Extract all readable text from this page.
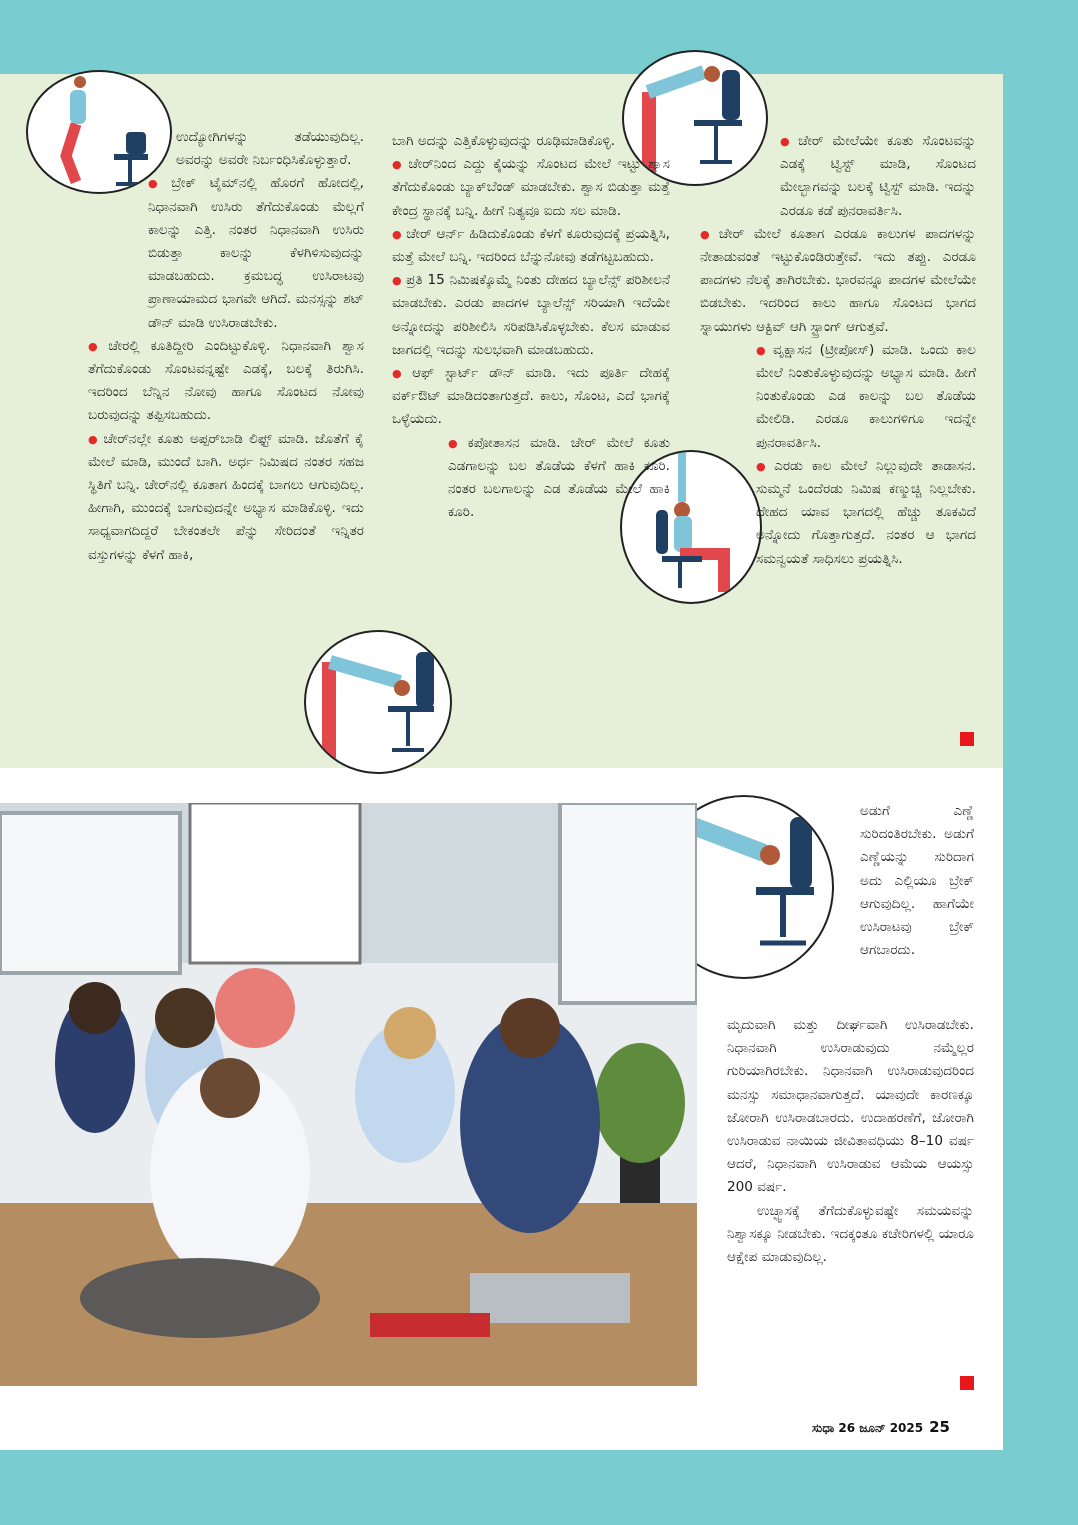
ಉದ್ಯೋಗಿಗಳನ್ನು ತಡೆಯುವುದಿಲ್ಲ. ಅವರನ್ನು ಅವರೇ ನಿರ್ಬಂಧಿಸಿಕೊಳ್ಳುತ್ತಾರೆ.

● ಬ್ರೇಕ್ ಟೈಮ್‌ನಲ್ಲಿ ಹೊರಗೆ ಹೋದಲ್ಲಿ, ನಿಧಾನವಾಗಿ ಉಸಿರು ತೆಗೆದುಕೊಂಡು ಮೆಲ್ಲಗೆ ಕಾಲನ್ನು ಎತ್ತಿ. ನಂತರ ನಿಧಾನವಾಗಿ ಉಸಿರು ಬಿಡುತ್ತಾ ಕಾಲನ್ನು ಕೆಳಗಿಳಿಸುವುದನ್ನು ಮಾಡಬಹುದು. ಕ್ರಮಬದ್ಧ ಉಸಿರಾಟವು ಪ್ರಾಣಾಯಾಮದ ಭಾಗವೇ ಆಗಿದೆ. ಮನಸ್ಸನ್ನು ಶಟ್ ಡೌನ್ ಮಾಡಿ ಉಸಿರಾಡಬೇಕು.

● ಚೇರಲ್ಲಿ ಕೂತಿದ್ದೀರಿ ಎಂದಿಟ್ಟುಕೊಳ್ಳಿ. ನಿಧಾನವಾಗಿ ಶ್ವಾಸ ತೆಗೆದುಕೊಂಡು ಸೊಂಟವನ್ನಷ್ಟೇ ಎಡಕ್ಕೆ, ಬಲಕ್ಕೆ ತಿರುಗಿಸಿ. ಇದರಿಂದ ಬೆನ್ನಿನ ನೋವು ಹಾಗೂ ಸೊಂಟದ ನೋವು ಬರುವುದನ್ನು ತಪ್ಪಿಸಬಹುದು.

● ಚೇರ್‌ನಲ್ಲೇ ಕೂತು ಅಪ್ಪರ್‌ಬಾಡಿ ಲಿಫ್ಟ್ ಮಾಡಿ. ಜೊತೆಗೆ ಕೈ ಮೇಲೆ ಮಾಡಿ, ಮುಂದೆ ಬಾಗಿ. ಅರ್ಧ ನಿಮಿಷದ ನಂತರ ಸಹಜ ಸ್ಥಿತಿಗೆ ಬನ್ನಿ. ಚೇರ್‌ನಲ್ಲಿ ಕೂತಾಗ ಹಿಂದಕ್ಕೆ ಬಾಗಲು ಆಗುವುದಿಲ್ಲ. ಹೀಗಾಗಿ, ಮುಂದಕ್ಕೆ ಬಾಗುವುದನ್ನೇ ಅಭ್ಯಾಸ ಮಾಡಿಕೊಳ್ಳಿ. ಇದು ಸಾಧ್ಯವಾಗದಿದ್ದರೆ ಬೇಕಂತಲೇ ಪೆನ್ನು ಸೇರಿದಂತೆ ಇನ್ನಿತರ ವಸ್ತುಗಳನ್ನು ಕೆಳಗೆ ಹಾಕಿ,

ಬಾಗಿ ಅದನ್ನು ಎತ್ತಿಕೊಳ್ಳುವುದನ್ನು ರೂಢಿಮಾಡಿಕೊಳ್ಳಿ.

● ಚೇರ್‌ನಿಂದ ಎದ್ದು ಕೈಯನ್ನು ಸೊಂಟದ ಮೇಲೆ ಇಟ್ಟು ಶ್ವಾಸ ತೆಗೆದುಕೊಂಡು ಬ್ಯಾಕ್‌ಬೆಂಡ್ ಮಾಡಬೇಕು. ಶ್ವಾಸ ಬಿಡುತ್ತಾ ಮತ್ತೆ ಕೇಂದ್ರ ಸ್ಥಾನಕ್ಕೆ ಬನ್ನಿ. ಹೀಗೆ ನಿತ್ಯವೂ ಐದು ಸಲ ಮಾಡಿ.

● ಚೇರ್ ಆರ್ನ್ ಹಿಡಿದುಕೊಂಡು ಕೆಳಗೆ ಕೂರುವುದಕ್ಕೆ ಪ್ರಯತ್ನಿಸಿ, ಮತ್ತೆ ಮೇಲೆ ಬನ್ನಿ. ಇದರಿಂದ ಬೆನ್ನುನೋವು ತಡೆಗಟ್ಟಬಹುದು.

● ಪ್ರತಿ 15 ನಿಮಿಷಕ್ಕೊಮ್ಮೆ ನಿಂತು ದೇಹದ ಬ್ಯಾಲೆನ್ಸ್ ಪರಿಶೀಲನೆ ಮಾಡಬೇಕು. ಎರಡು ಪಾದಗಳ ಬ್ಯಾಲೆನ್ಸ್ ಸರಿಯಾಗಿ ಇದೆಯೇ ಅನ್ನೋದನ್ನು ಪರಿಶೀಲಿಸಿ ಸರಿಪಡಿಸಿಕೊಳ್ಳಬೇಕು. ಕೆಲಸ ಮಾಡುವ ಜಾಗದಲ್ಲಿ ಇದನ್ನು ಸುಲಭವಾಗಿ ಮಾಡಬಹುದು.

● ಆಫ್ ಸ್ಟಾರ್ಟ್ ಡೌನ್ ಮಾಡಿ. ಇದು ಪೂರ್ತಿ ದೇಹಕ್ಕೆ ವರ್ಕ್‌ಔಟ್ ಮಾಡಿದಂತಾಗುತ್ತದೆ. ಕಾಲು, ಸೊಂಟ, ಎದೆ ಭಾಗಕ್ಕೆ ಒಳ್ಳೆಯದು.

● ಕಪೋತಾಸನ ಮಾಡಿ. ಚೇರ್ ಮೇಲೆ ಕೂತು ಎಡಗಾಲನ್ನು ಬಲ ತೊಡೆಯ ಕೆಳಗೆ ಹಾಕಿ ಕೂರಿ. ನಂತರ ಬಲಗಾಲನ್ನು ಎಡ ತೊಡೆಯ ಮೇಲೆ ಹಾಕಿ ಕೂರಿ.

● ಚೇರ್ ಮೇಲೆಯೇ ಕೂತು ಸೊಂಟವನ್ನು ಎಡಕ್ಕೆ ಟ್ವಿಸ್ಟ್ ಮಾಡಿ, ಸೊಂಟದ ಮೇಲ್ಭಾಗವನ್ನು ಬಲಕ್ಕೆ ಟ್ವಿಸ್ಟ್ ಮಾಡಿ. ಇದನ್ನು ಎರಡೂ ಕಡೆ ಪುನರಾವರ್ತಿಸಿ.

● ಚೇರ್ ಮೇಲೆ ಕೂತಾಗ ಎರಡೂ ಕಾಲುಗಳ ಪಾದಗಳನ್ನು ನೇತಾಡುವಂತೆ ಇಟ್ಟುಕೊಂಡಿರುತ್ತೇವೆ. ಇದು ತಪ್ಪು. ಎರಡೂ ಪಾದಗಳು ನೆಲಕ್ಕೆ ತಾಗಿರಬೇಕು. ಭಾರವನ್ನೂ ಪಾದಗಳ ಮೇಲೆಯೇ ಬಿಡಬೇಕು. ಇದರಿಂದ ಕಾಲು ಹಾಗೂ ಸೊಂಟದ ಭಾಗದ ಸ್ನಾಯುಗಳು ಆಕ್ಟಿವ್ ಆಗಿ ಸ್ಟ್ರಾಂಗ್ ಆಗುತ್ತವೆ.

● ವೃಕ್ಷಾಸನ (ಟ್ರೀಪೋಸ್) ಮಾಡಿ. ಒಂದು ಕಾಲ ಮೇಲೆ ನಿಂತುಕೊಳ್ಳುವುದನ್ನು ಅಭ್ಯಾಸ ಮಾಡಿ. ಹೀಗೆ ನಿಂತುಕೊಂಡು ಎಡ ಕಾಲನ್ನು ಬಲ ತೊಡೆಯ ಮೇಲಿಡಿ. ಎರಡೂ ಕಾಲುಗಳಿಗೂ ಇದನ್ನೇ ಪುನರಾವರ್ತಿಸಿ.

● ಎರಡು ಕಾಲ ಮೇಲೆ ನಿಲ್ಲುವುದೇ ತಾಡಾಸನ. ಸುಮ್ಮನೆ ಒಂದೆರಡು ನಿಮಿಷ ಕಣ್ಮುಚ್ಚಿ ನಿಲ್ಲಬೇಕು. ದೇಹದ ಯಾವ ಭಾಗದಲ್ಲಿ ಹೆಚ್ಚು ತೂಕವಿದೆ ಅನ್ನೋದು ಗೊತ್ತಾಗುತ್ತದೆ. ನಂತರ ಆ ಭಾಗದ ಸಮನ್ವಯತೆ ಸಾಧಿಸಲು ಪ್ರಯತ್ನಿಸಿ.

ಅಡುಗೆ ಎಣ್ಣೆ ಸುರಿದಂತಿರಬೇಕು. ಅಡುಗೆ ಎಣ್ಣೆಯನ್ನು ಸುರಿದಾಗ ಅದು ಎಲ್ಲಿಯೂ ಬ್ರೇಕ್ ಆಗುವುದಿಲ್ಲ. ಹಾಗೆಯೇ ಉಸಿರಾಟವು ಬ್ರೇಕ್ ಆಗಬಾರದು.

ಮೃದುವಾಗಿ ಮತ್ತು ದೀರ್ಘವಾಗಿ ಉಸಿರಾಡಬೇಕು. ನಿಧಾನವಾಗಿ ಉಸಿರಾಡುವುದು ನಮ್ಮೆಲ್ಲರ ಗುರಿಯಾಗಿರಬೇಕು. ನಿಧಾನವಾಗಿ ಉಸಿರಾಡುವುದರಿಂದ ಮನಸ್ಸು ಸಮಾಧಾನವಾಗುತ್ತದೆ. ಯಾವುದೇ ಕಾರಣಕ್ಕೂ ಜೋರಾಗಿ ಉಸಿರಾಡಬಾರದು. ಉದಾಹರಣೆಗೆ, ಜೋರಾಗಿ ಉಸಿರಾಡುವ ನಾಯಿಯ ಜೀವಿತಾವಧಿಯು 8–10 ವರ್ಷ ಆದರೆ, ನಿಧಾನವಾಗಿ ಉಸಿರಾಡುವ ಆಮೆಯ ಆಯಸ್ಸು 200 ವರ್ಷ.

ಉಚ್ಛ್ವಾಸಕ್ಕೆ ತೆಗೆದುಕೊಳ್ಳುವಷ್ಟೇ ಸಮಯವನ್ನು ನಿಶ್ವಾಸಕ್ಕೂ ನೀಡಬೇಕು. ಇದಕ್ಕಂತೂ ಕಚೇರಿಗಳಲ್ಲಿ ಯಾರೂ ಆಕ್ಷೇಪ ಮಾಡುವುದಿಲ್ಲ.

ಸುಧಾ 26 ಜೂನ್ 2025 25
